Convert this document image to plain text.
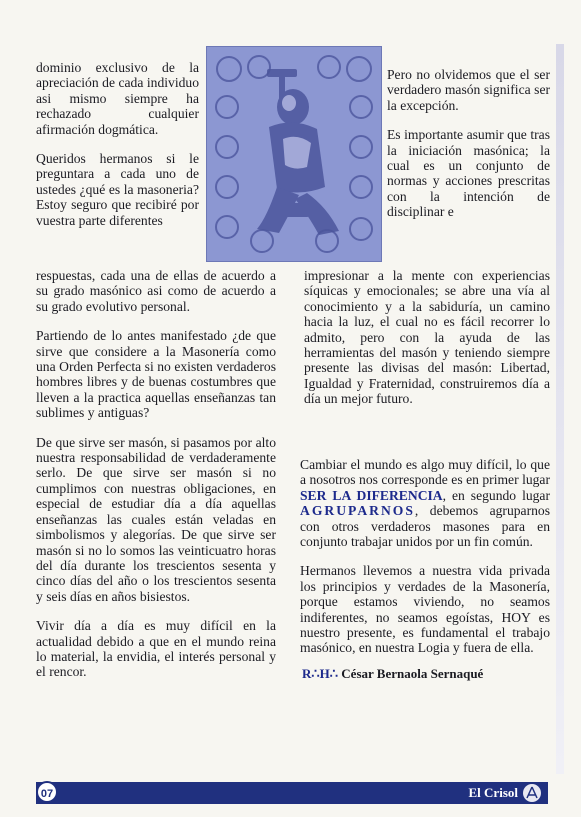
dominio exclusivo de la apreciación de cada individuo asi mismo siempre ha rechazado cualquier afirmación dogmática.

Queridos hermanos si le preguntara a cada uno de ustedes ¿qué es la masoneria? Estoy seguro que recibiré por vuestra parte diferentes

respuestas, cada una de ellas de acuerdo a su grado masónico asi como de acuerdo a su grado evolutivo personal.

Partiendo de lo antes manifestado ¿de que sirve que considere a la Masonería como una Orden Perfecta si no existen verdaderos hombres libres y de buenas costumbres que lleven a la practica aquellas enseñanzas tan sublimes y antiguas?

De que sirve ser masón, si pasamos por alto nuestra responsabilidad de verdaderamente serlo. De que sirve ser masón si no cumplimos con nuestras obligaciones, en especial de estudiar día a día aquellas enseñanzas las cuales están veladas en simbolismos y alegorías. De que sirve ser masón si no lo somos las veinticuatro horas del día durante los trescientos sesenta y cinco días del año o los trescientos sesenta y seis días en años bisiestos.

Vivir día a día es muy difícil en la actualidad debido a que en el mundo reina lo material, la envidia, el interés personal y el rencor.

Pero no olvidemos que el ser verdadero masón significa ser la excepción.

Es importante asumir que tras la iniciación masónica; la cual es un conjunto de normas y acciones prescritas con la intención de disciplinar e

impresionar a la mente con experiencias síquicas y emocionales; se abre una vía al conocimiento y a la sabiduría, un camino hacia la luz, el cual no es fácil recorrer lo admito, pero con la ayuda de las herramientas del masón y teniendo siempre presente las divisas del masón: Libertad, Igualdad y Fraternidad, construiremos día a día un mejor futuro.

Cambiar el mundo es algo muy difícil, lo que a nosotros nos corresponde es en primer lugar SER LA DIFERENCIA, en segundo lugar AGRUPARNOS, debemos agruparnos con otros verdaderos masones para en conjunto trabajar unidos por un fin común.

Hermanos llevemos a nuestra vida privada los principios y verdades de la Masonería, porque estamos viviendo, no seamos indiferentes, no seamos egoístas, HOY es nuestro presente, es fundamental el trabajo masónico, en nuestra Logia y fuera de ella.

R∴H∴ César Bernaola Sernaqué
07	El Crisol
